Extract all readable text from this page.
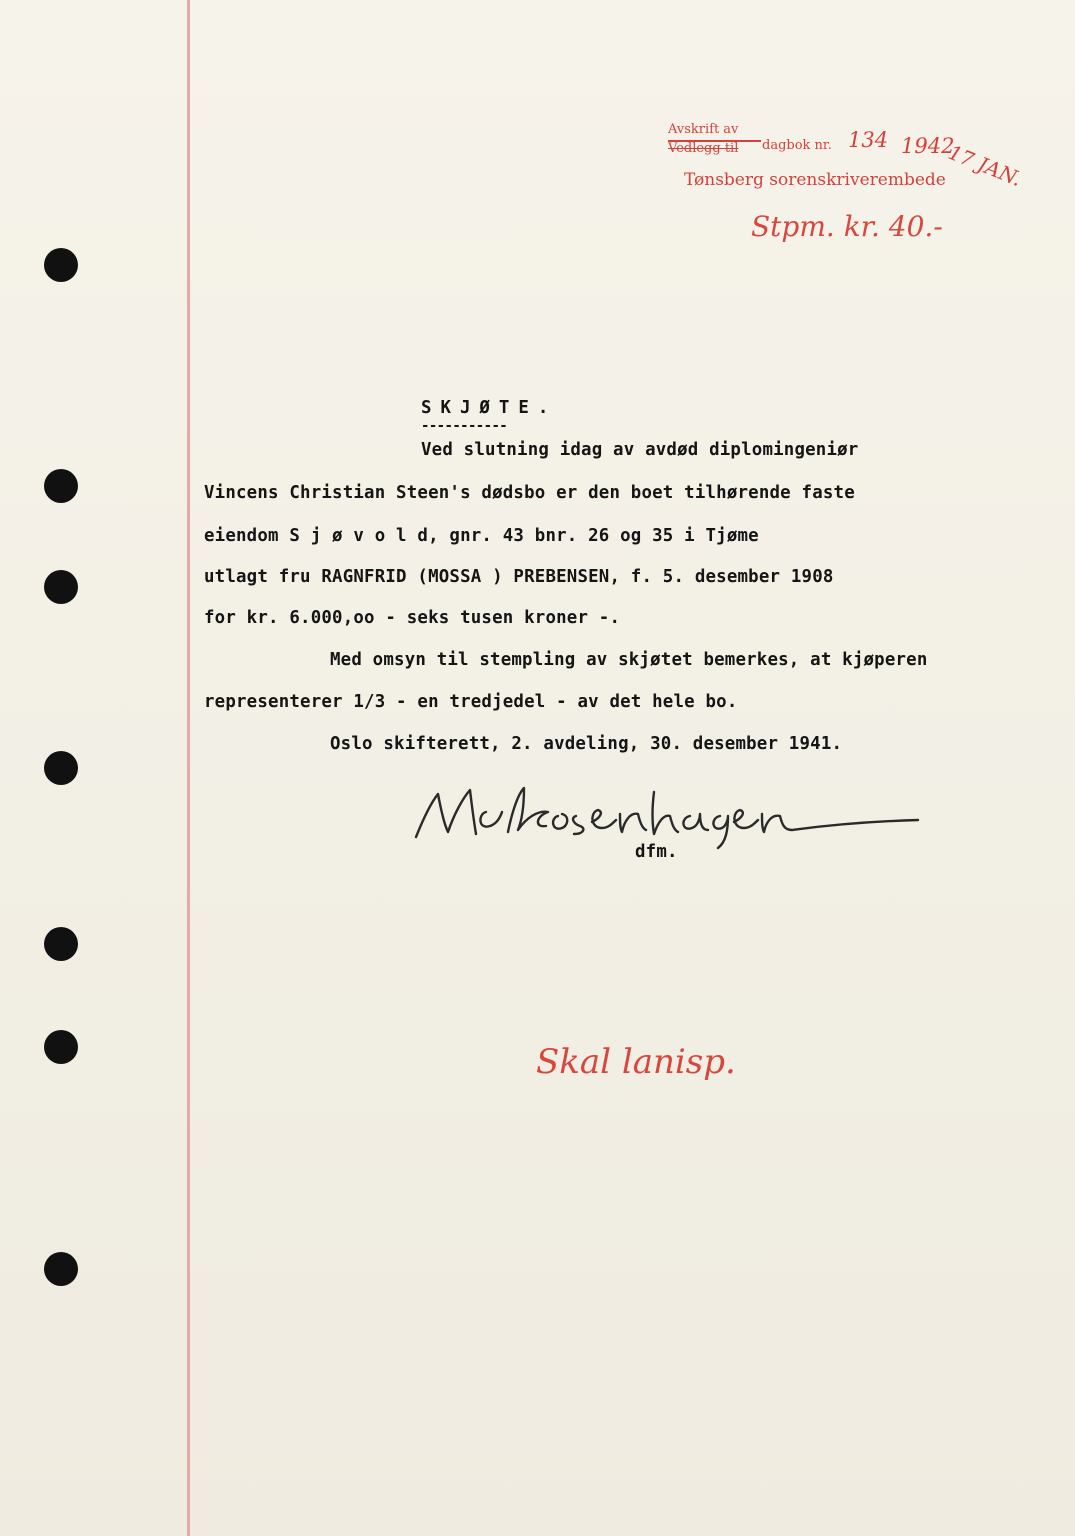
Avskrift av
Vedlegg til dagbok nr. 134 1942
17 JAN.
Tønsberg sorenskriverembede
Stpm. kr. 40.-
SKJØTE.
-----------
Ved slutning idag av avdød diplomingeniør
Vincens Christian Steen's dødsbo er den boet tilhørende faste
eiendom S j ø v o l d, gnr. 43 bnr. 26 og 35 i Tjøme
utlagt fru RAGNFRID (MOSSA ) PREBENSEN, f. 5. desember 1908
for kr. 6.000,oo - seks tusen kroner -.
Med omsyn til stempling av skjøtet bemerkes, at kjøperen
representerer 1/3 - en tredjedel - av det hele bo.
Oslo skifterett, 2. avdeling, 30. desember 1941.
dfm.
Skal lanisp.
